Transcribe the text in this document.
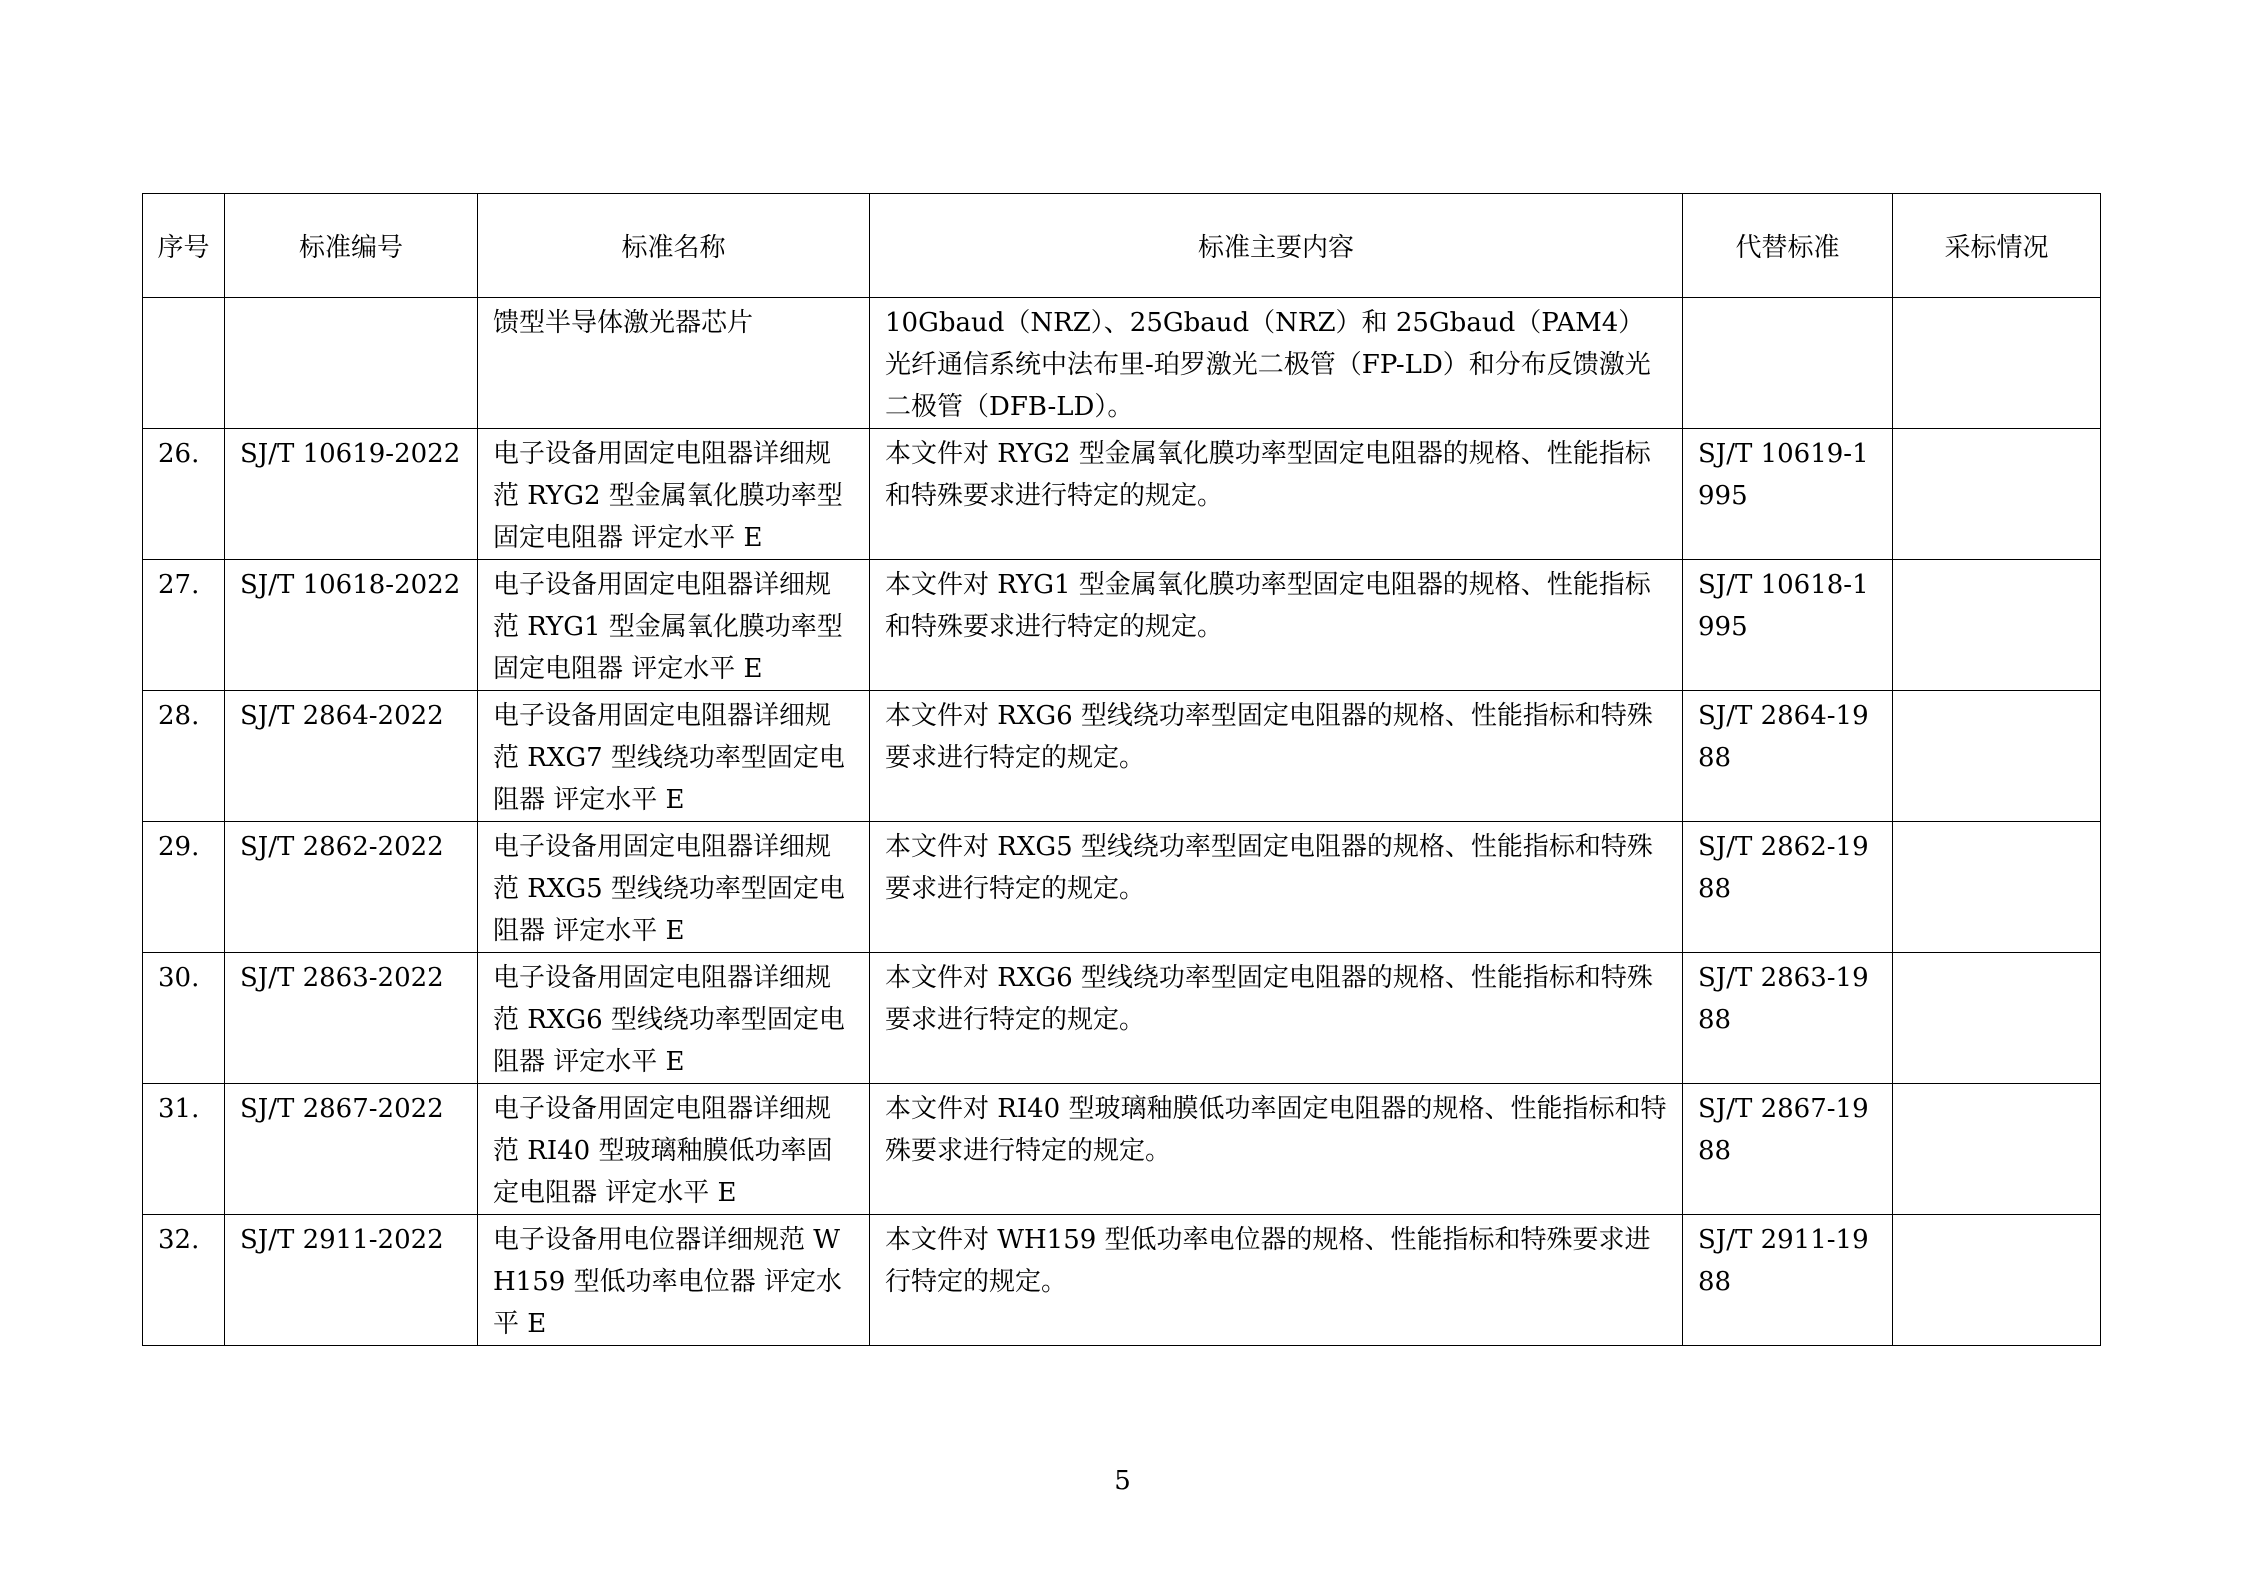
序号	标准编号	标准名称	标准主要内容	代替标准	采标情况
		馈型半导体激光器芯片	10Gbaud（NRZ）、25Gbaud（NRZ）和 25Gbaud（PAM4）光纤通信系统中法布里-珀罗激光二极管（FP-LD）和分布反馈激光二极管（DFB-LD）。		
26.	SJ/T 10619-2022	电子设备用固定电阻器详细规范 RYG2 型金属氧化膜功率型固定电阻器 评定水平 E	本文件对 RYG2 型金属氧化膜功率型固定电阻器的规格、性能指标和特殊要求进行特定的规定。	SJ/T 10619-1995	
27.	SJ/T 10618-2022	电子设备用固定电阻器详细规范 RYG1 型金属氧化膜功率型固定电阻器 评定水平 E	本文件对 RYG1 型金属氧化膜功率型固定电阻器的规格、性能指标和特殊要求进行特定的规定。	SJ/T 10618-1995	
28.	SJ/T 2864-2022	电子设备用固定电阻器详细规范 RXG7 型线绕功率型固定电阻器 评定水平 E	本文件对 RXG6 型线绕功率型固定电阻器的规格、性能指标和特殊要求进行特定的规定。	SJ/T 2864-1988	
29.	SJ/T 2862-2022	电子设备用固定电阻器详细规范 RXG5 型线绕功率型固定电阻器 评定水平 E	本文件对 RXG5 型线绕功率型固定电阻器的规格、性能指标和特殊要求进行特定的规定。	SJ/T 2862-1988	
30.	SJ/T 2863-2022	电子设备用固定电阻器详细规范 RXG6 型线绕功率型固定电阻器 评定水平 E	本文件对 RXG6 型线绕功率型固定电阻器的规格、性能指标和特殊要求进行特定的规定。	SJ/T 2863-1988	
31.	SJ/T 2867-2022	电子设备用固定电阻器详细规范 RI40 型玻璃釉膜低功率固定电阻器 评定水平 E	本文件对 RI40 型玻璃釉膜低功率固定电阻器的规格、性能指标和特殊要求进行特定的规定。	SJ/T 2867-1988	
32.	SJ/T 2911-2022	电子设备用电位器详细规范 WH159 型低功率电位器 评定水平 E	本文件对 WH159 型低功率电位器的规格、性能指标和特殊要求进行特定的规定。	SJ/T 2911-1988	
5
